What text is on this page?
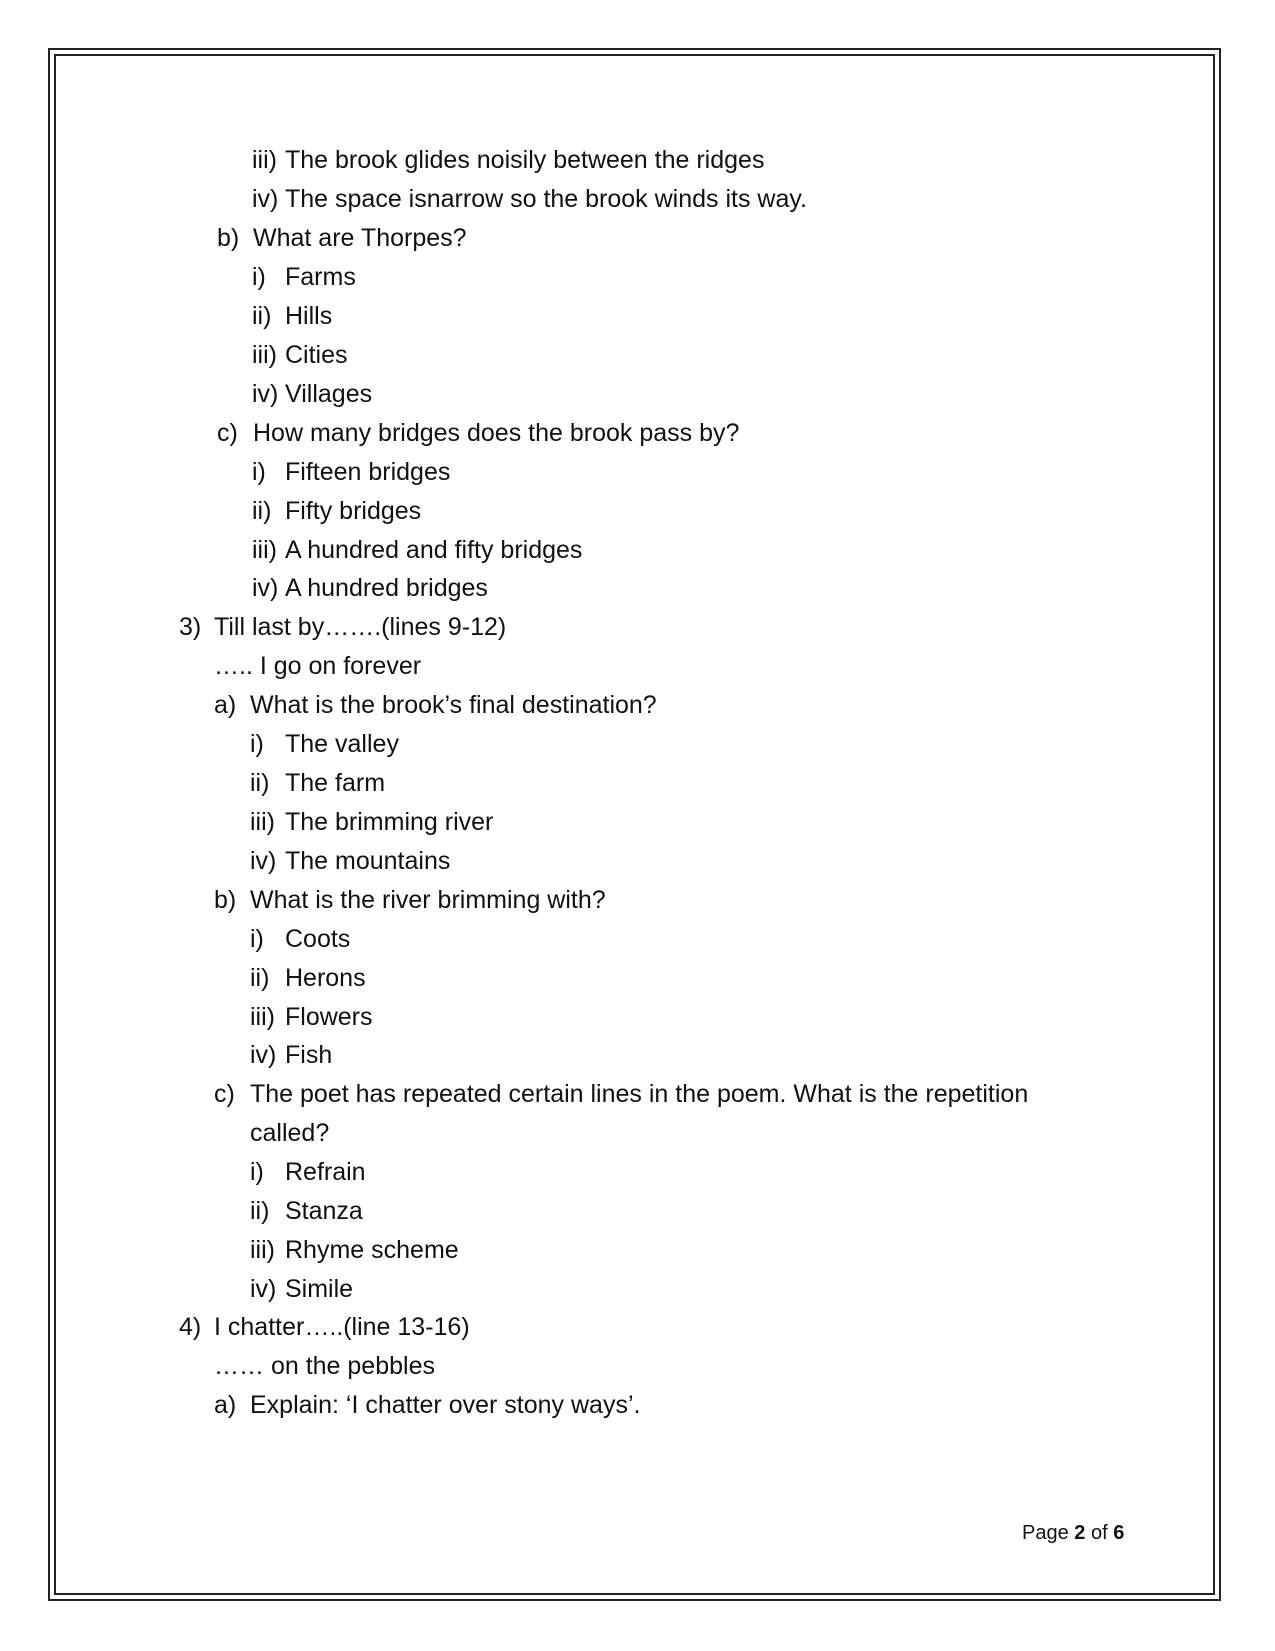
iii) The brook glides noisily between the ridges
iv) The space isnarrow so the brook winds its way.
b) What are Thorpes?
i) Farms
ii) Hills
iii) Cities
iv) Villages
c) How many bridges does the brook pass by?
i) Fifteen bridges
ii) Fifty bridges
iii) A hundred and fifty bridges
iv) A hundred bridges
3) Till last by…….(lines 9-12)
….. I go on forever
a) What is the brook’s final destination?
i) The valley
ii) The farm
iii) The brimming river
iv) The mountains
b) What is the river brimming with?
i) Coots
ii) Herons
iii) Flowers
iv) Fish
c) The poet has repeated certain lines in the poem. What is the repetition
called?
i) Refrain
ii) Stanza
iii) Rhyme scheme
iv) Simile
4) I chatter…..(line 13-16)
…… on the pebbles
a) Explain: ‘I chatter over stony ways’.
Page 2 of 6
